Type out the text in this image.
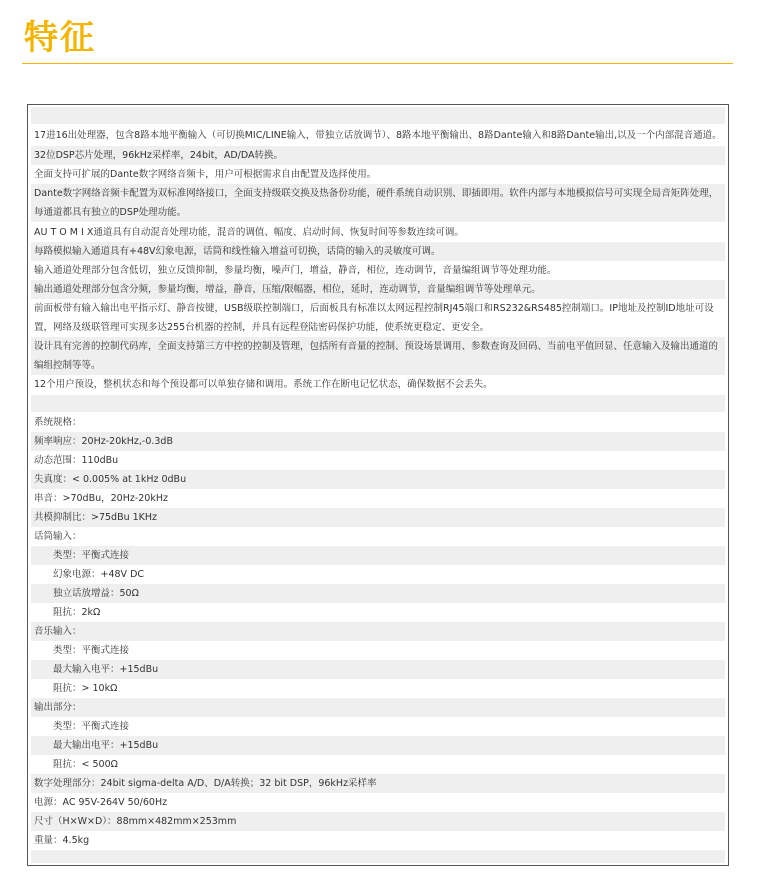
特征
17进16出处理器，包含8路本地平衡输入（可切换MIC/LINE输入，带独立话放调节）、8路本地平衡输出、8路Dante输入和8路Dante输出,以及一个内部混音通道。
32位DSP芯片处理，96kHz采样率，24bit，AD/DA转换。
全面支持可扩展的Dante数字网络音频卡，用户可根据需求自由配置及选择使用。
Dante数字网络音频卡配置为双标准网络接口，全面支持级联交换及热备份功能，硬件系统自动识别、即插即用。软件内部与本地模拟信号可实现全局音矩阵处理，每通道都具有独立的DSP处理功能。
AU T O M I X通道具有自动混音处理功能，混音的调值、幅度、启动时间、恢复时间等参数连续可调。
每路模拟输入通道具有+48V幻象电源，话筒和线性输入增益可切换，话筒的输入的灵敏度可调。
输入通道处理部分包含低切，独立反馈抑制，参量均衡，噪声门，增益，静音，相位，连动调节，音量编组调节等处理功能。
输出通道处理部分包含分频，参量均衡，增益，静音，压缩/限幅器，相位，延时，连动调节，音量编组调节等处理单元。
前面板带有输入输出电平指示灯、静音按键，USB级联控制端口，后面板具有标准以太网远程控制RJ45端口和RS232&RS485控制端口。IP地址及控制ID地址可设置，网络及级联管理可实现多达255台机器的控制，并具有远程登陆密码保护功能，使系统更稳定、更安全。
设计具有完善的控制代码库，全面支持第三方中控的控制及管理，包括所有音量的控制、预设场景调用、参数查询及回码、当前电平值回显、任意输入及输出通道的编组控制等等。
12个用户预设，整机状态和每个预设都可以单独存储和调用。系统工作在断电记忆状态，确保数据不会丢失。
系统规格：
频率响应：20Hz-20kHz,-0.3dB
动态范围：110dBu
失真度：< 0.005% at 1kHz 0dBu
串音：>70dBu，20Hz-20kHz
共模抑制比：>75dBu 1KHz
话筒输入：
类型：平衡式连接
幻象电源：+48V DC
独立话放增益：50Ω
阻抗：2kΩ
音乐输入：
类型：平衡式连接
最大输入电平：+15dBu
阻抗：> 10kΩ
输出部分：
类型：平衡式连接
最大输出电平：+15dBu
阻抗：< 500Ω
数字处理部分：24bit sigma-delta A/D、D/A转换；32 bit DSP，96kHz采样率
电源：AC 95V-264V 50/60Hz
尺寸（H×W×D）：88mm×482mm×253mm
重量：4.5kg
